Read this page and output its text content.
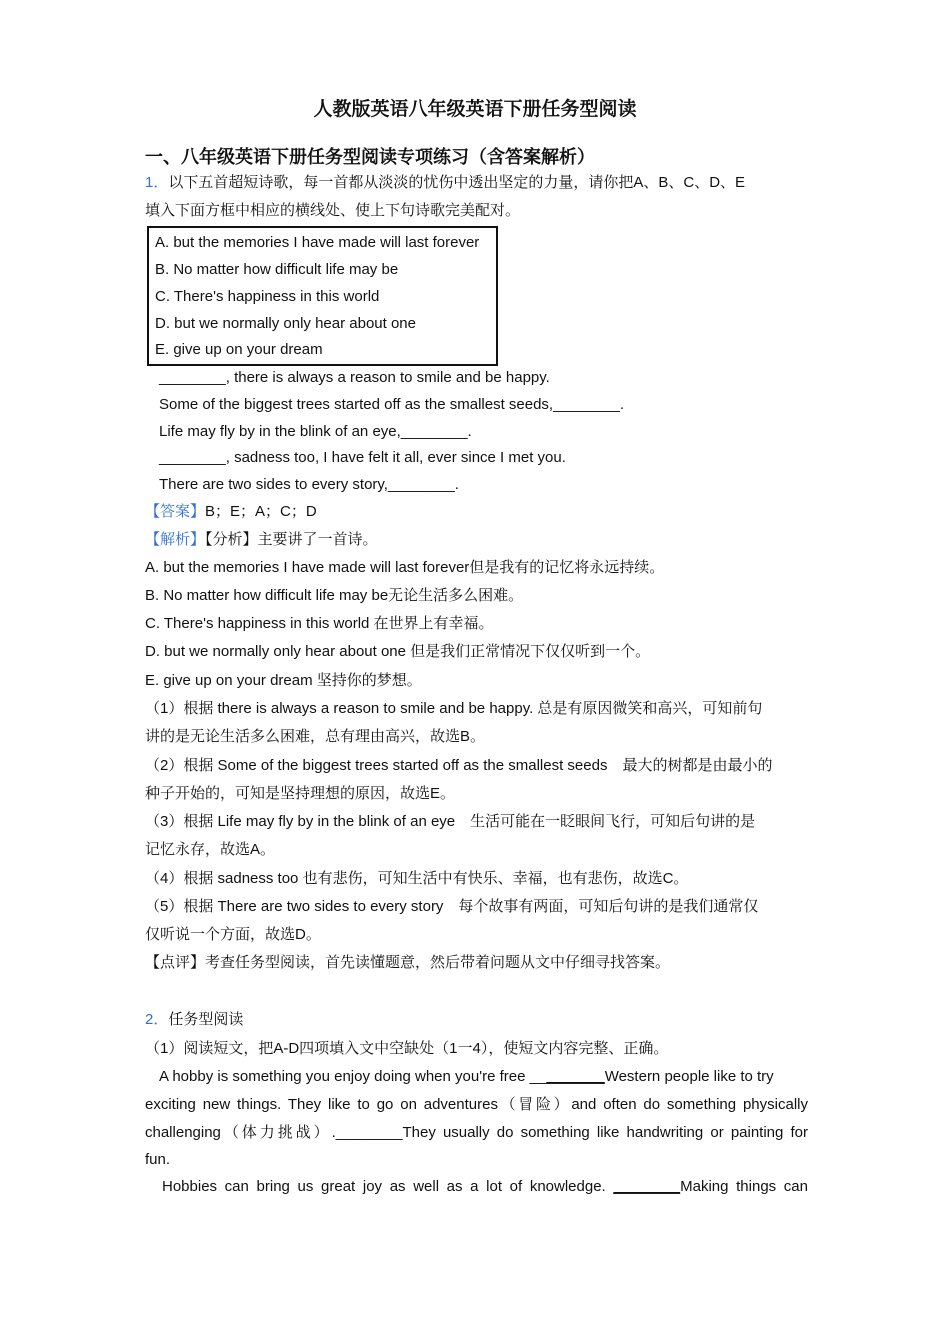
人教版英语八年级英语下册任务型阅读
一、八年级英语下册任务型阅读专项练习（含答案解析）
1．以下五首超短诗歌，每一首都从淡淡的忧伤中透出坚定的力量，请你把A、B、C、D、E
填入下面方框中相应的横线处、使上下句诗歌完美配对。
A. but the memories I have made will last forever
B. No matter how difficult life may be
C. There's happiness in this world
D. but we normally only hear about one
E. give up on your dream
________, there is always a reason to smile and be happy.
Some of the biggest trees started off as the smallest seeds,________.
Life may fly by in the blink of an eye,________.
________, sadness too, I have felt it all, ever since I met you.
There are two sides to every story,________.
【答案】B；E；A；C；D
【解析】【分析】主要讲了一首诗。
A. but the memories I have made will last forever但是我有的记忆将永远持续。
B. No matter how difficult life may be无论生活多么困难。
C. There's happiness in this world 在世界上有幸福。
D. but we normally only hear about one 但是我们正常情况下仅仅听到一个。
E. give up on your dream 坚持你的梦想。
（1）根据 there is always a reason to smile and be happy. 总是有原因微笑和高兴，可知前句
讲的是无论生活多么困难，总有理由高兴，故选B。
（2）根据 Some of the biggest trees started off as the smallest seeds　最大的树都是由最小的
种子开始的，可知是坚持理想的原因，故选E。
（3）根据 Life may fly by in the blink of an eye　生活可能在一眨眼间飞行，可知后句讲的是
记忆永存，故选A。
（4）根据 sadness too 也有悲伤，可知生活中有快乐、幸福，也有悲伤，故选C。
（5）根据 There are two sides to every story　每个故事有两面，可知后句讲的是我们通常仅
仅听说一个方面，故选D。
【点评】考查任务型阅读，首先读懂题意，然后带着问题从文中仔细寻找答案。
2．任务型阅读
（1）阅读短文，把A-D四项填入文中空缺处（1一4），使短文内容完整、正确。
A hobby is something you enjoy doing when you're free _________Western people like to try
exciting new things. They like to go on adventures（冒险）and often do something physically
challenging（体力挑战）.________They usually do something like handwriting or painting for
fun.
Hobbies can bring us great joy as well as a lot of knowledge. ________Making things can
